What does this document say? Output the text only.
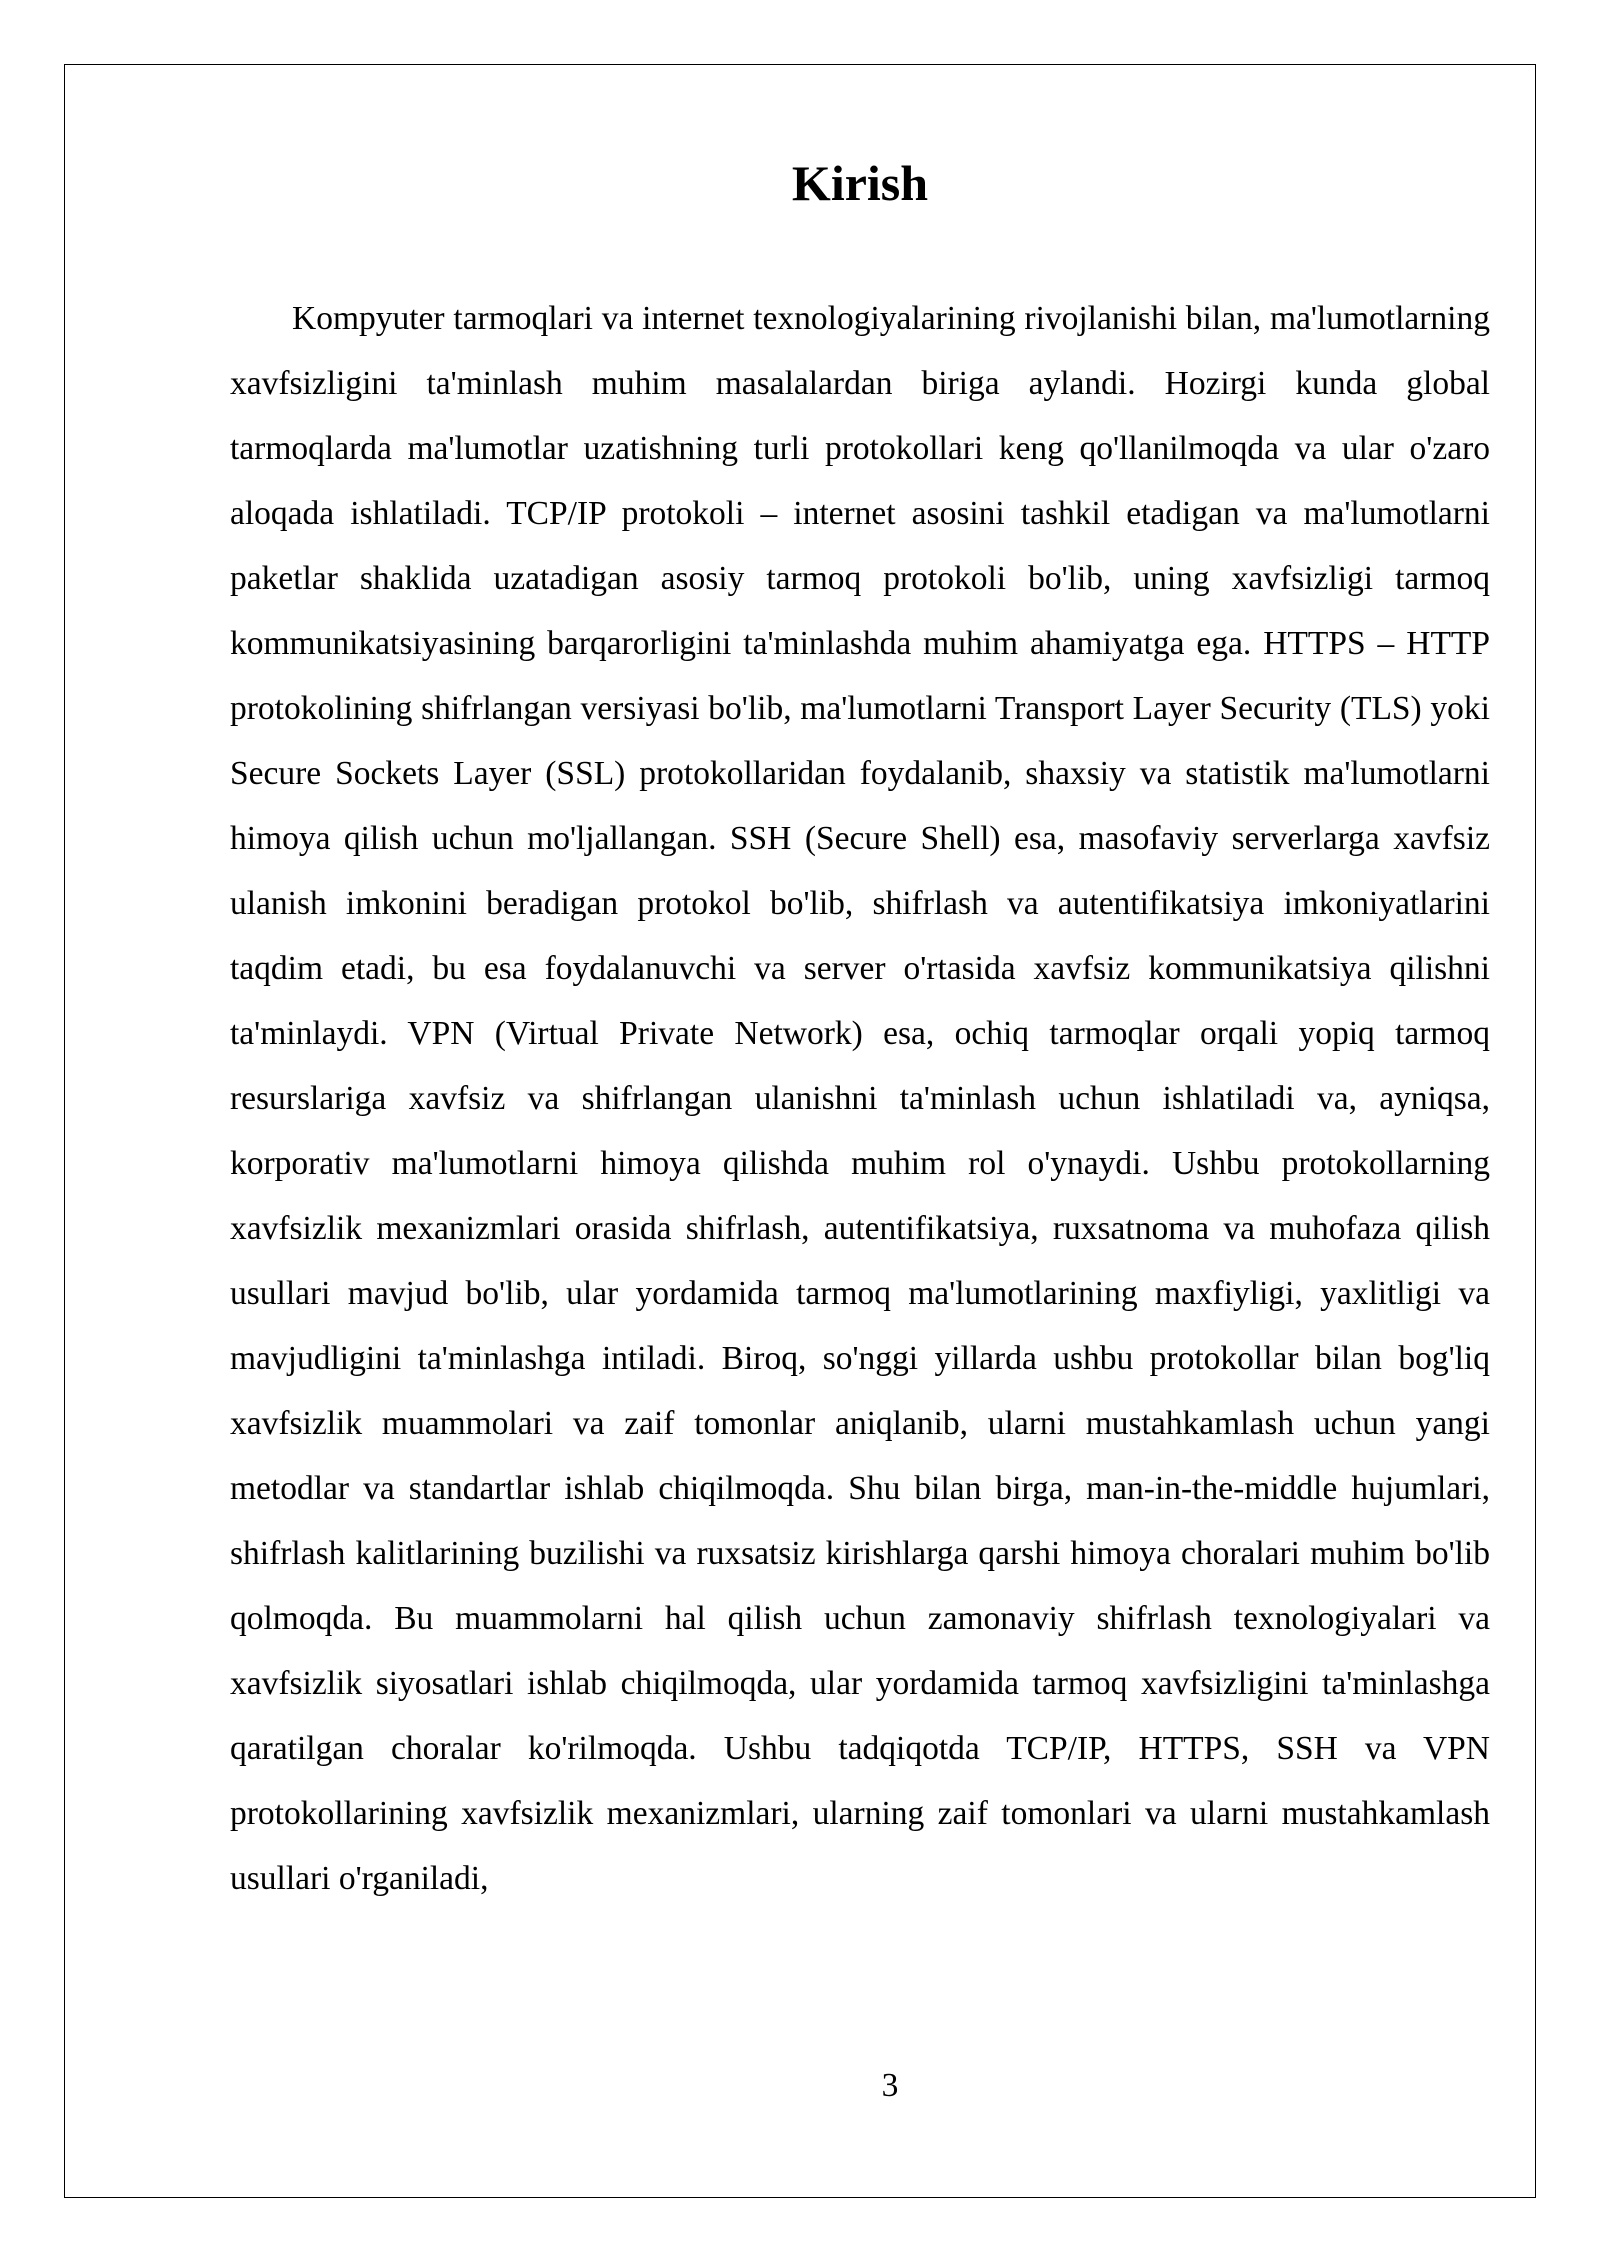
Kirish

Kompyuter tarmoqlari va internet texnologiyalarining rivojlanishi bilan, ma'lumotlarning xavfsizligini ta'minlash muhim masalalardan biriga aylandi. Hozirgi kunda global tarmoqlarda ma'lumotlar uzatishning turli protokollari keng qo'llanilmoqda va ular o'zaro aloqada ishlatiladi. TCP/IP protokoli – internet asosini tashkil etadigan va ma'lumotlarni paketlar shaklida uzatadigan asosiy tarmoq protokoli bo'lib, uning xavfsizligi tarmoq kommunikatsiyasining barqarorligini ta'minlashda muhim ahamiyatga ega. HTTPS – HTTP protokolining shifrlangan versiyasi bo'lib, ma'lumotlarni Transport Layer Security (TLS) yoki Secure Sockets Layer (SSL) protokollaridan foydalanib, shaxsiy va statistik ma'lumotlarni himoya qilish uchun mo'ljallangan. SSH (Secure Shell) esa, masofaviy serverlarga xavfsiz ulanish imkonini beradigan protokol bo'lib, shifrlash va autentifikatsiya imkoniyatlarini taqdim etadi, bu esa foydalanuvchi va server o'rtasida xavfsiz kommunikatsiya qilishni ta'minlaydi. VPN (Virtual Private Network) esa, ochiq tarmoqlar orqali yopiq tarmoq resurslariga xavfsiz va shifrlangan ulanishni ta'minlash uchun ishlatiladi va, ayniqsa, korporativ ma'lumotlarni himoya qilishda muhim rol o'ynaydi. Ushbu protokollarning xavfsizlik mexanizmlari orasida shifrlash, autentifikatsiya, ruxsatnoma va muhofaza qilish usullari mavjud bo'lib, ular yordamida tarmoq ma'lumotlarining maxfiyligi, yaxlitligi va mavjudligini ta'minlashga intiladi. Biroq, so'nggi yillarda ushbu protokollar bilan bog'liq xavfsizlik muammolari va zaif tomonlar aniqlanib, ularni mustahkamlash uchun yangi metodlar va standartlar ishlab chiqilmoqda. Shu bilan birga, man-in-the-middle hujumlari, shifrlash kalitlarining buzilishi va ruxsatsiz kirishlarga qarshi himoya choralari muhim bo'lib qolmoqda. Bu muammolarni hal qilish uchun zamonaviy shifrlash texnologiyalari va xavfsizlik siyosatlari ishlab chiqilmoqda, ular yordamida tarmoq xavfsizligini ta'minlashga qaratilgan choralar ko'rilmoqda. Ushbu tadqiqotda TCP/IP, HTTPS, SSH va VPN protokollarining xavfsizlik mexanizmlari, ularning zaif tomonlari va ularni mustahkamlash usullari o'rganiladi,

3
